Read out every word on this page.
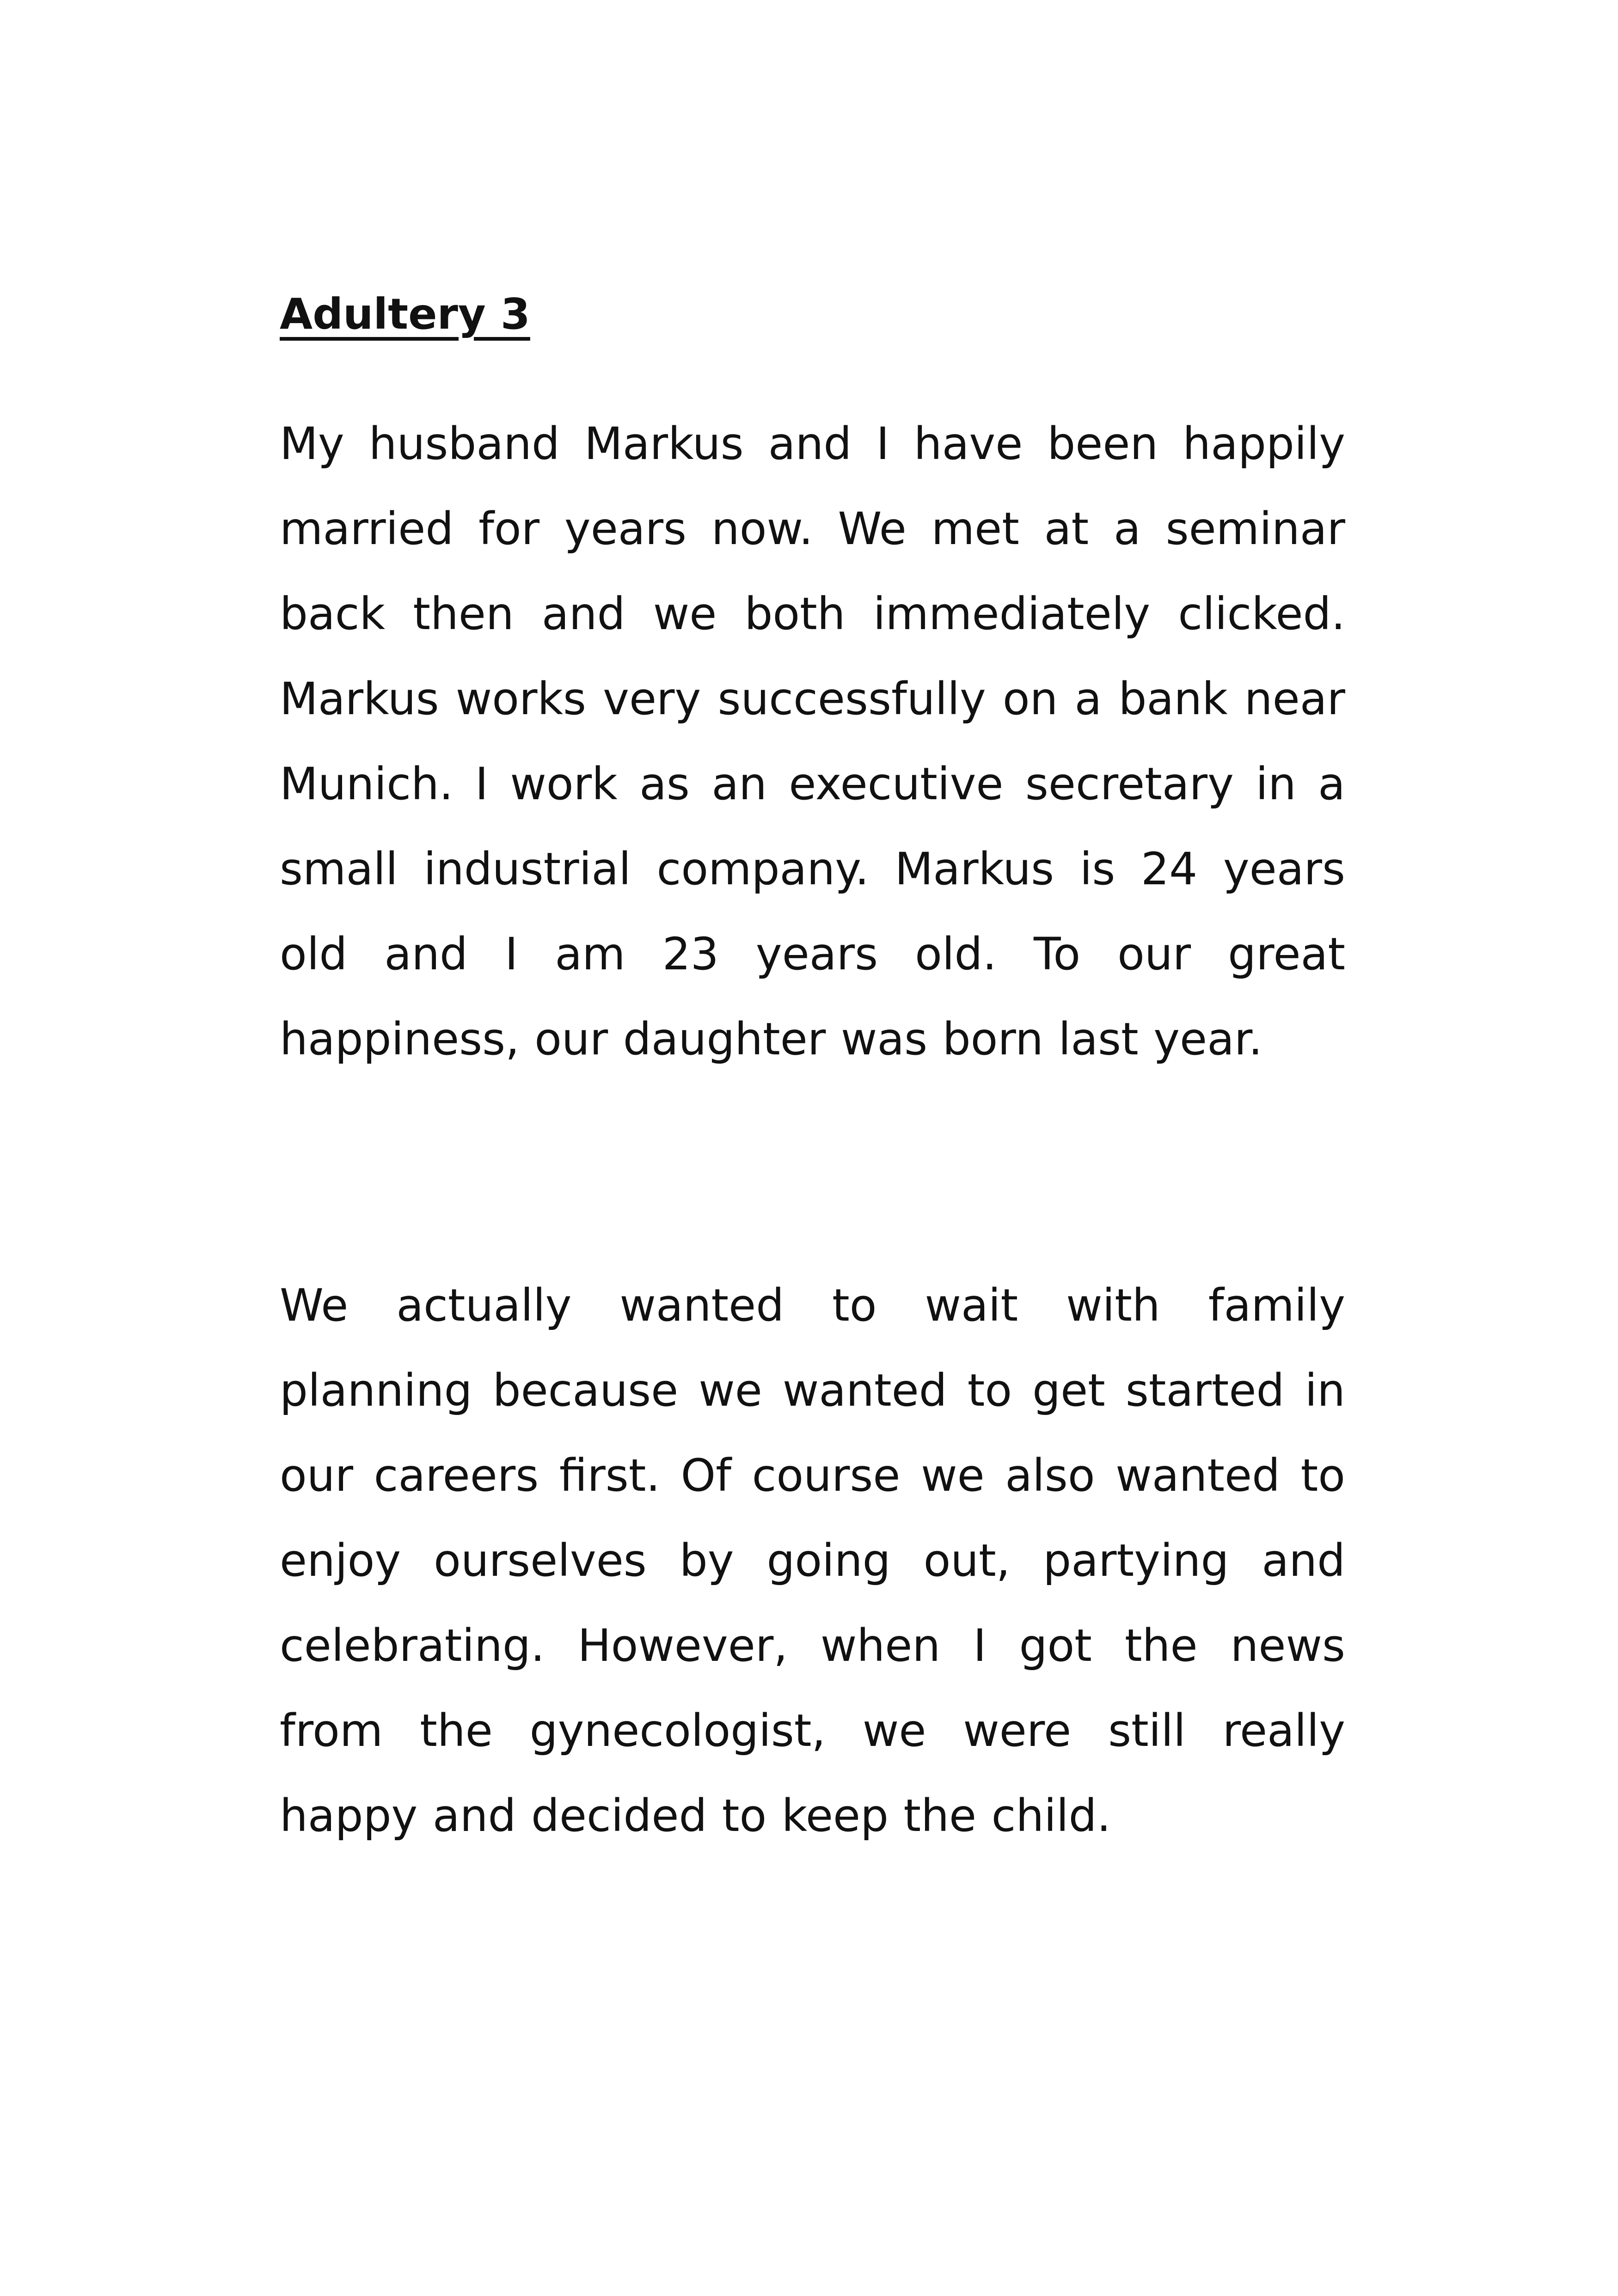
Adultery 3

My husband Markus and I have been happily married for years now. We met at a seminar back then and we both immediately clicked. Markus works very successfully on a bank near Munich. I work as an executive secretary in a small industrial company. Markus is 24 years old and I am 23 years old. To our great happiness, our daughter was born last year.

We actually wanted to wait with family planning because we wanted to get started in our careers first. Of course we also wanted to enjoy ourselves by going out, partying and celebrating. However, when I got the news from the gynecologist, we were still really happy and decided to keep the child.
